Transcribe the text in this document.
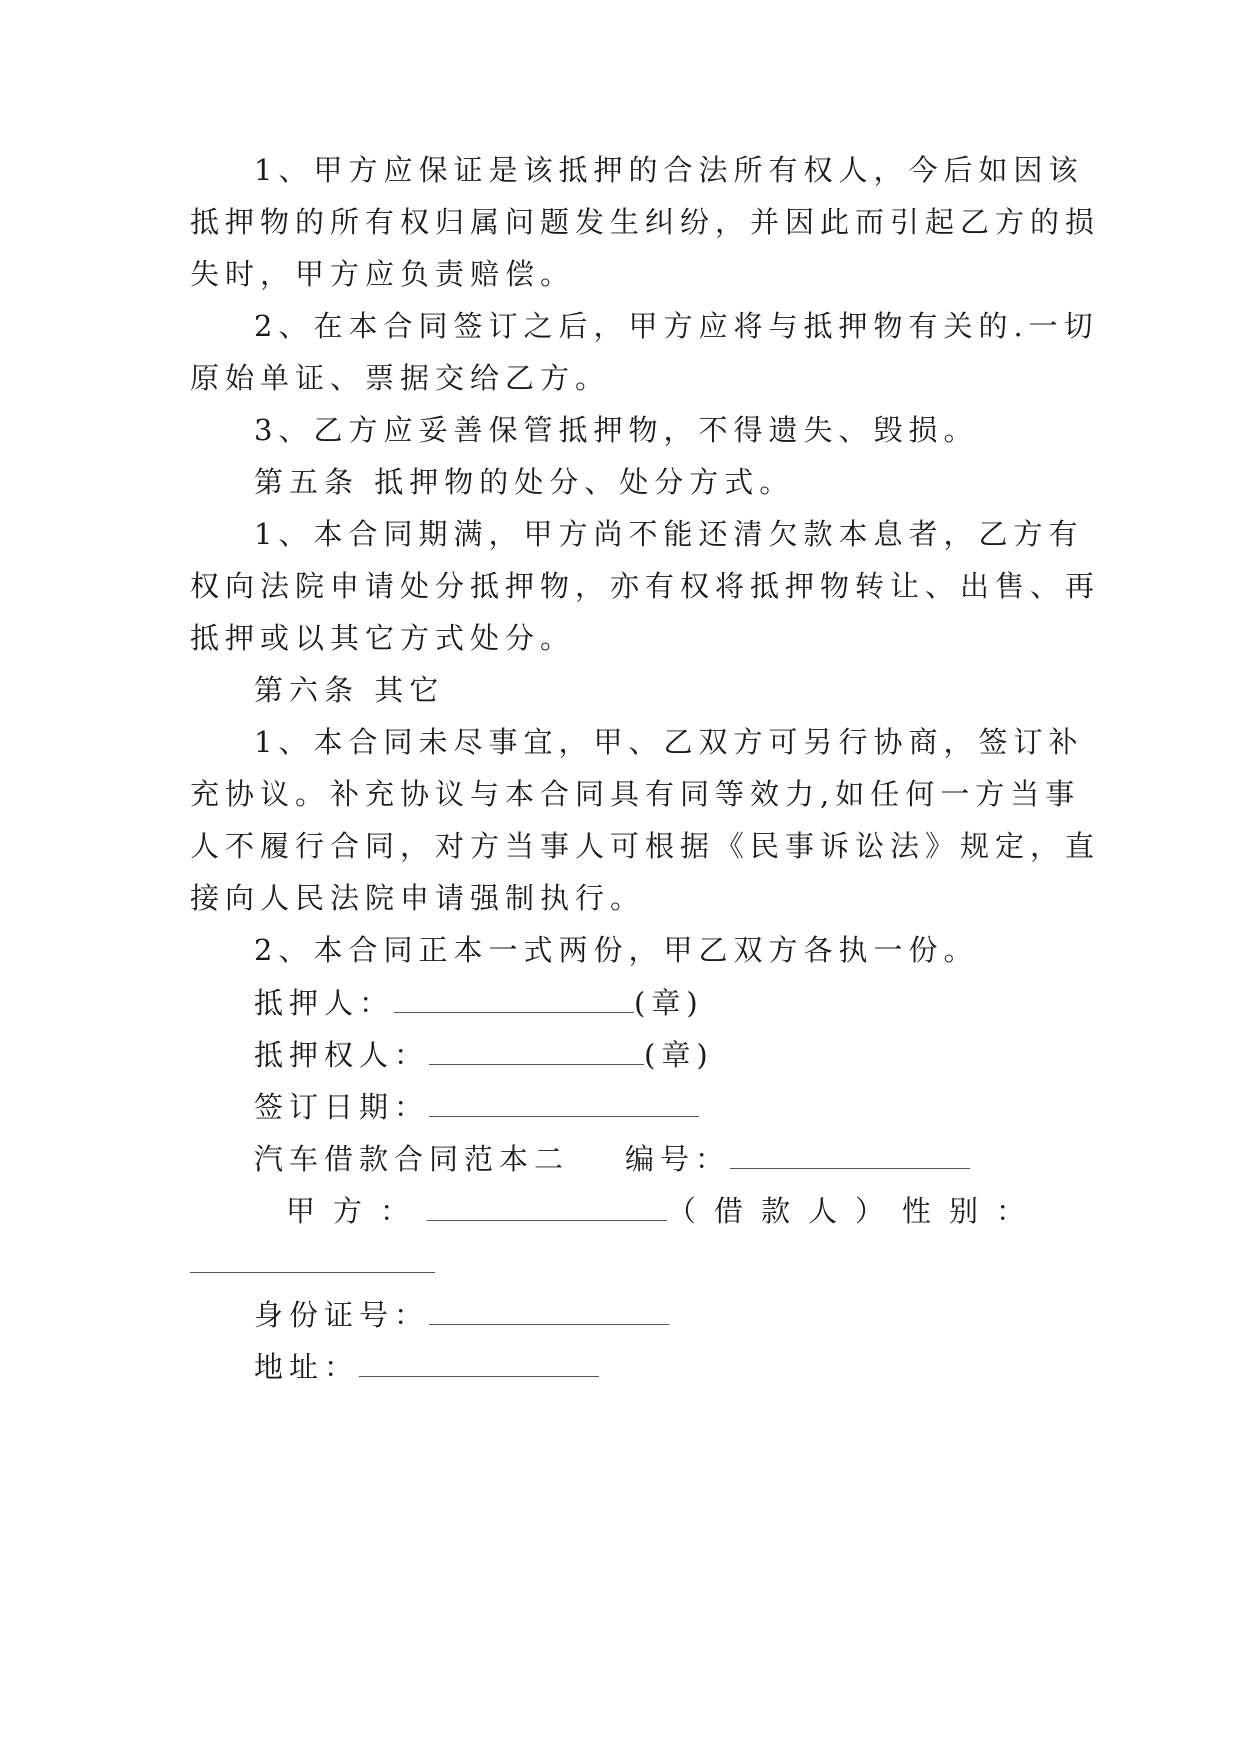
1、甲方应保证是该抵押的合法所有权人，今后如因该
抵押物的所有权归属问题发生纠纷，并因此而引起乙方的损
失时，甲方应负责赔偿。
2、在本合同签订之后，甲方应将与抵押物有关的.一切
原始单证、票据交给乙方。
3、乙方应妥善保管抵押物，不得遗失、毁损。
第五条 抵押物的处分、处分方式。
1、本合同期满，甲方尚不能还清欠款本息者，乙方有
权向法院申请处分抵押物，亦有权将抵押物转让、出售、再
抵押或以其它方式处分。
第六条 其它
1、本合同未尽事宜，甲、乙双方可另行协商，签订补
充协议。补充协议与本合同具有同等效力,如任何一方当事
人不履行合同，对方当事人可根据《民事诉讼法》规定，直
接向人民法院申请强制执行。
2、本合同正本一式两份，甲乙双方各执一份。
抵押人：	(章)
抵押权人：	(章)
签订日期：
汽车借款合同范本二 编号：
甲方：	（借款人）性别：
身份证号：
地址：
